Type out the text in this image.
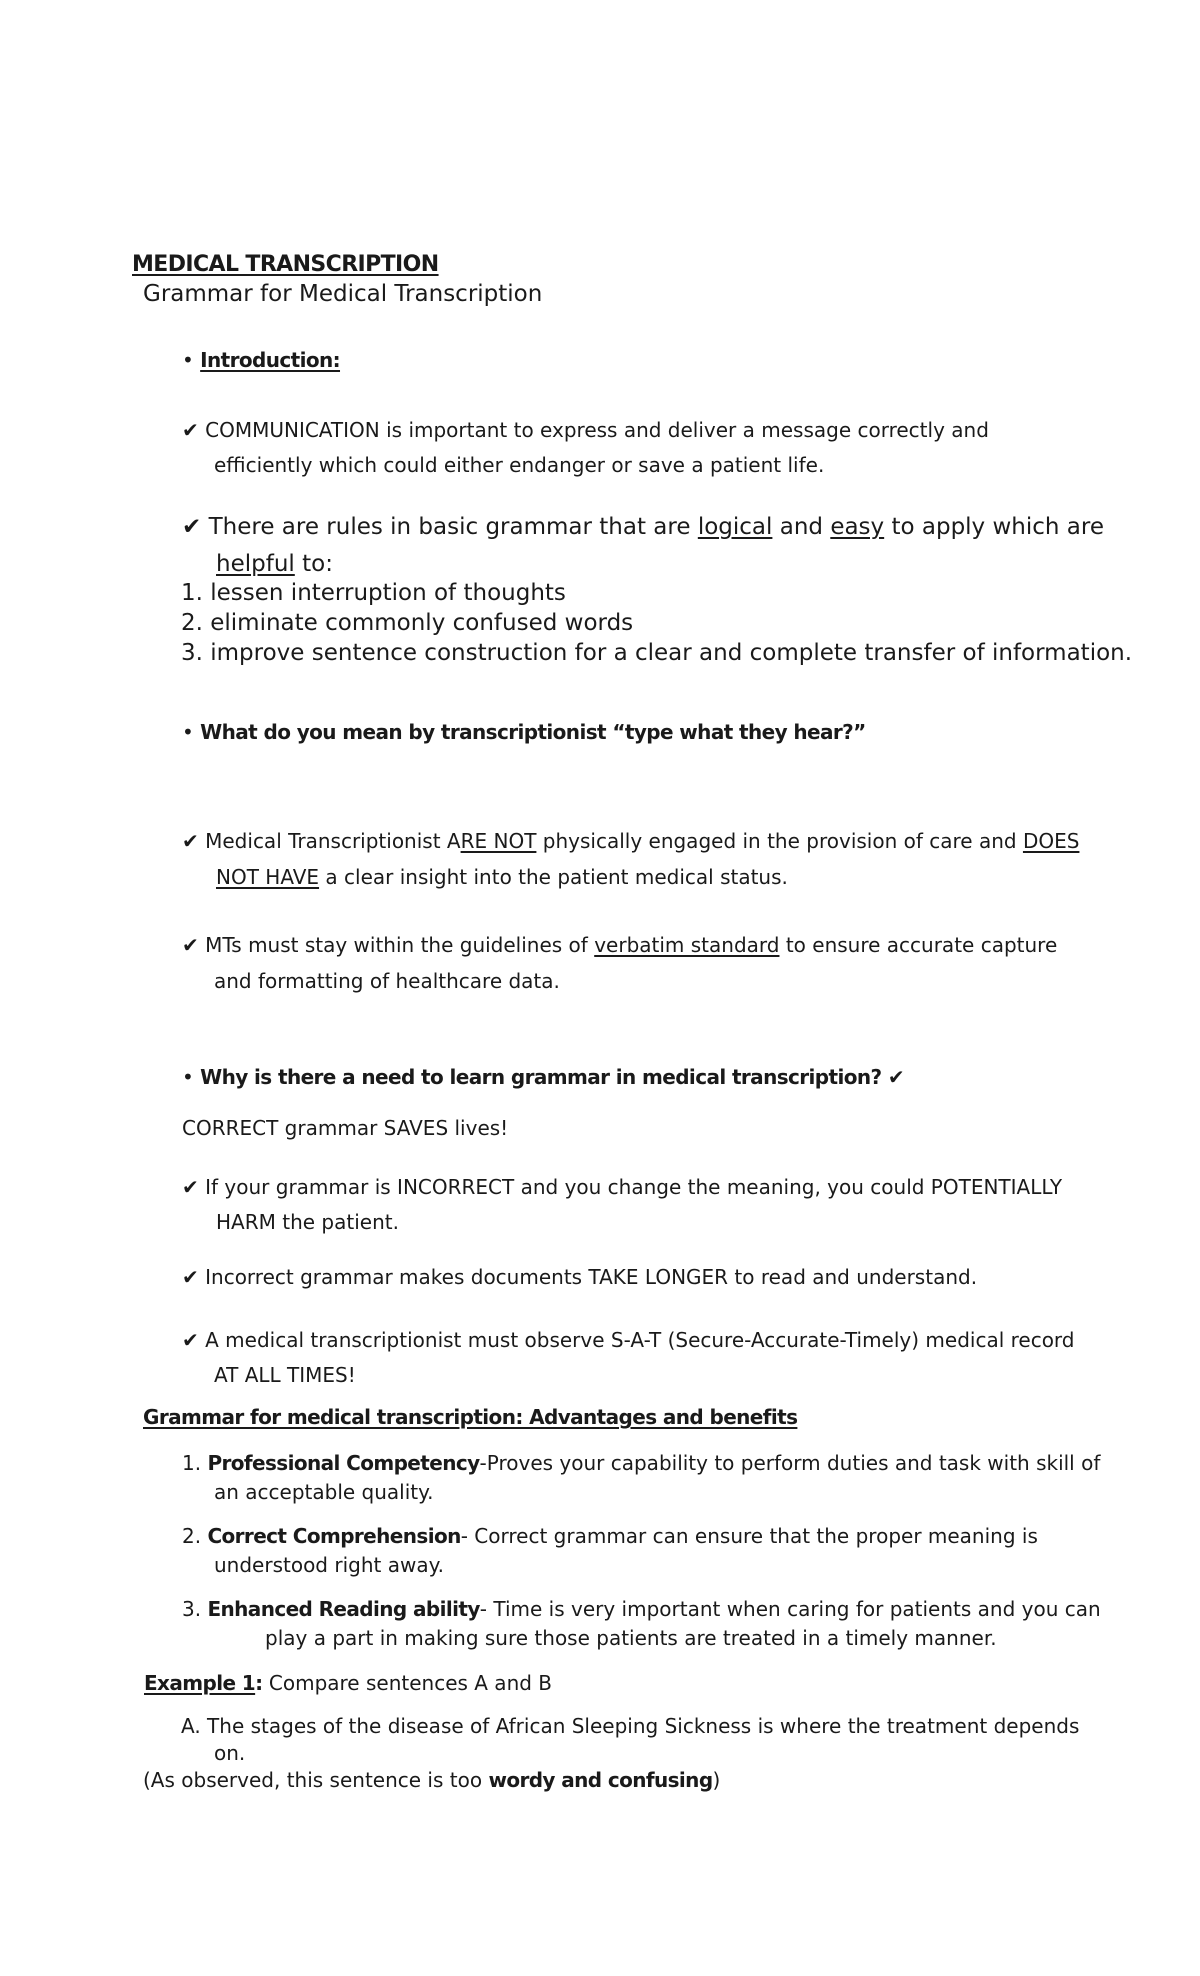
MEDICAL TRANSCRIPTION
Grammar for Medical Transcription
• Introduction:
✔ COMMUNICATION is important to express and deliver a message correctly and
efficiently which could either endanger or save a patient life.
✔ There are rules in basic grammar that are logical and easy to apply which are
helpful to:
1. lessen interruption of thoughts
2. eliminate commonly confused words
3. improve sentence construction for a clear and complete transfer of information.
• What do you mean by transcriptionist “type what they hear?”
✔ Medical Transcriptionist ARE NOT physically engaged in the provision of care and DOES
NOT HAVE a clear insight into the patient medical status.
✔ MTs must stay within the guidelines of verbatim standard to ensure accurate capture
and formatting of healthcare data.
• Why is there a need to learn grammar in medical transcription? ✔
CORRECT grammar SAVES lives!
✔ If your grammar is INCORRECT and you change the meaning, you could POTENTIALLY
HARM the patient.
✔ Incorrect grammar makes documents TAKE LONGER to read and understand.
✔ A medical transcriptionist must observe S-A-T (Secure-Accurate-Timely) medical record
AT ALL TIMES!
Grammar for medical transcription: Advantages and benefits
1. Professional Competency-Proves your capability to perform duties and task with skill of
an acceptable quality.
2. Correct Comprehension- Correct grammar can ensure that the proper meaning is
understood right away.
3. Enhanced Reading ability- Time is very important when caring for patients and you can
play a part in making sure those patients are treated in a timely manner.
Example 1: Compare sentences A and B
A. The stages of the disease of African Sleeping Sickness is where the treatment depends
on.
(As observed, this sentence is too wordy and confusing)
